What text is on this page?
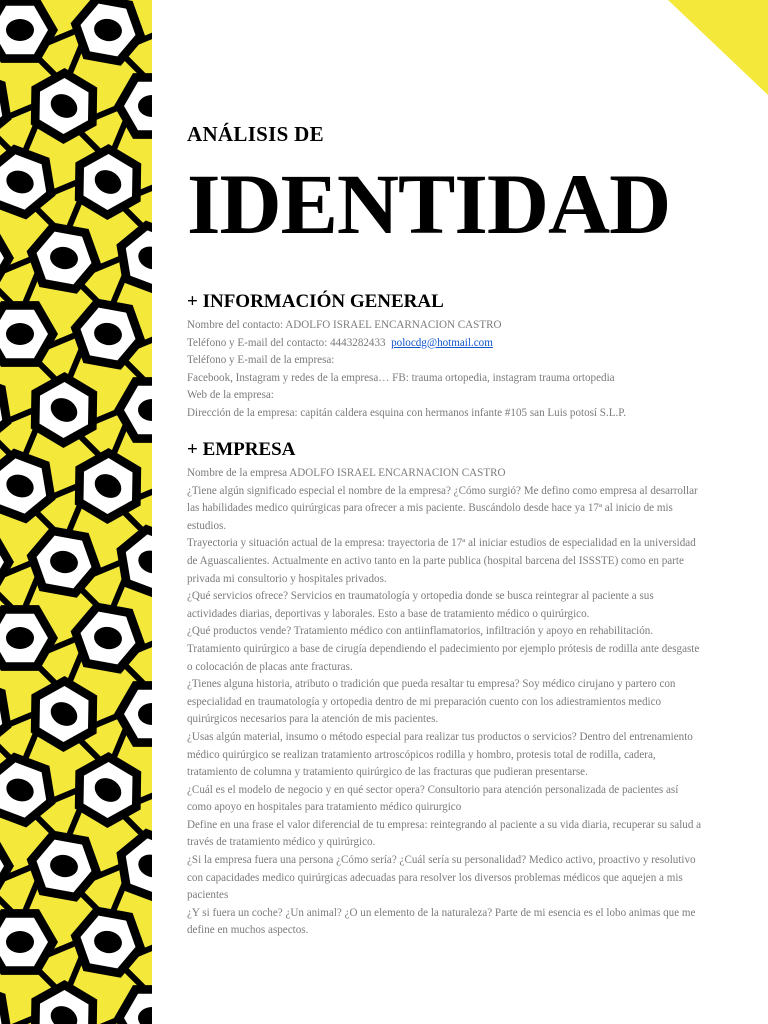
ANÁLISIS DE
IDENTIDAD
+ INFORMACIÓN GENERAL
Nombre del contacto: ADOLFO ISRAEL ENCARNACION CASTRO
Teléfono y E-mail del contacto: 4443282433 polocdg@hotmail.com
Teléfono y E-mail de la empresa:
Facebook, Instagram y redes de la empresa… FB: trauma ortopedia, instagram trauma ortopedia
Web de la empresa:
Dirección de la empresa: capitán caldera esquina con hermanos infante #105 san Luis potosí S.L.P.
+ EMPRESA

Nombre de la empresa ADOLFO ISRAEL ENCARNACION CASTRO

¿Tiene algún significado especial el nombre de la empresa? ¿Cómo surgió? Me defino como empresa al desarrollar

las habilidades medico quirúrgicas para ofrecer a mis paciente. Buscándolo desde hace ya 17ª al inicio de mis

estudios.

Trayectoria y situación actual de la empresa: trayectoria de 17ª al iniciar estudios de especialidad en la universidad

de Aguascalientes. Actualmente en activo tanto en la parte publica (hospital barcena del ISSSTE) como en parte

privada mi consultorio y hospitales privados.

¿Qué servicios ofrece? Servicios en traumatología y ortopedia donde se busca reintegrar al paciente a sus

actividades diarias, deportivas y laborales. Esto a base de tratamiento médico o quirúrgico.

¿Qué productos vende? Tratamiento médico con antiinflamatorios, infiltración y apoyo en rehabilitación.

Tratamiento quirúrgico a base de cirugía dependiendo el padecimiento por ejemplo prótesis de rodilla ante desgaste

o colocación de placas ante fracturas.

¿Tienes alguna historia, atributo o tradición que pueda resaltar tu empresa? Soy médico cirujano y partero con

especialidad en traumatología y ortopedia dentro de mi preparación cuento con los adiestramientos medico

quirúrgicos necesarios para la atención de mis pacientes.

¿Usas algún material, insumo o método especial para realizar tus productos o servicios? Dentro del entrenamiento

médico quirúrgico se realizan tratamiento artroscópicos rodilla y hombro, protesis total de rodilla, cadera,

tratamiento de columna y tratamiento quirúrgico de las fracturas que pudieran presentarse.

¿Cuál es el modelo de negocio y en qué sector opera? Consultorio para atención personalizada de pacientes así

como apoyo en hospitales para tratamiento médico quirurgico

Define en una frase el valor diferencial de tu empresa: reintegrando al paciente a su vida diaria, recuperar su salud a

través de tratamiento médico y quirúrgico.

¿Si la empresa fuera una persona ¿Cómo sería? ¿Cuál sería su personalidad? Medico activo, proactivo y resolutivo

con capacidades medico quirúrgicas adecuadas para resolver los diversos problemas médicos que aquejen a mis

pacientes

¿Y si fuera un coche? ¿Un animal? ¿O un elemento de la naturaleza? Parte de mi esencia es el lobo animas que me

define en muchos aspectos.
